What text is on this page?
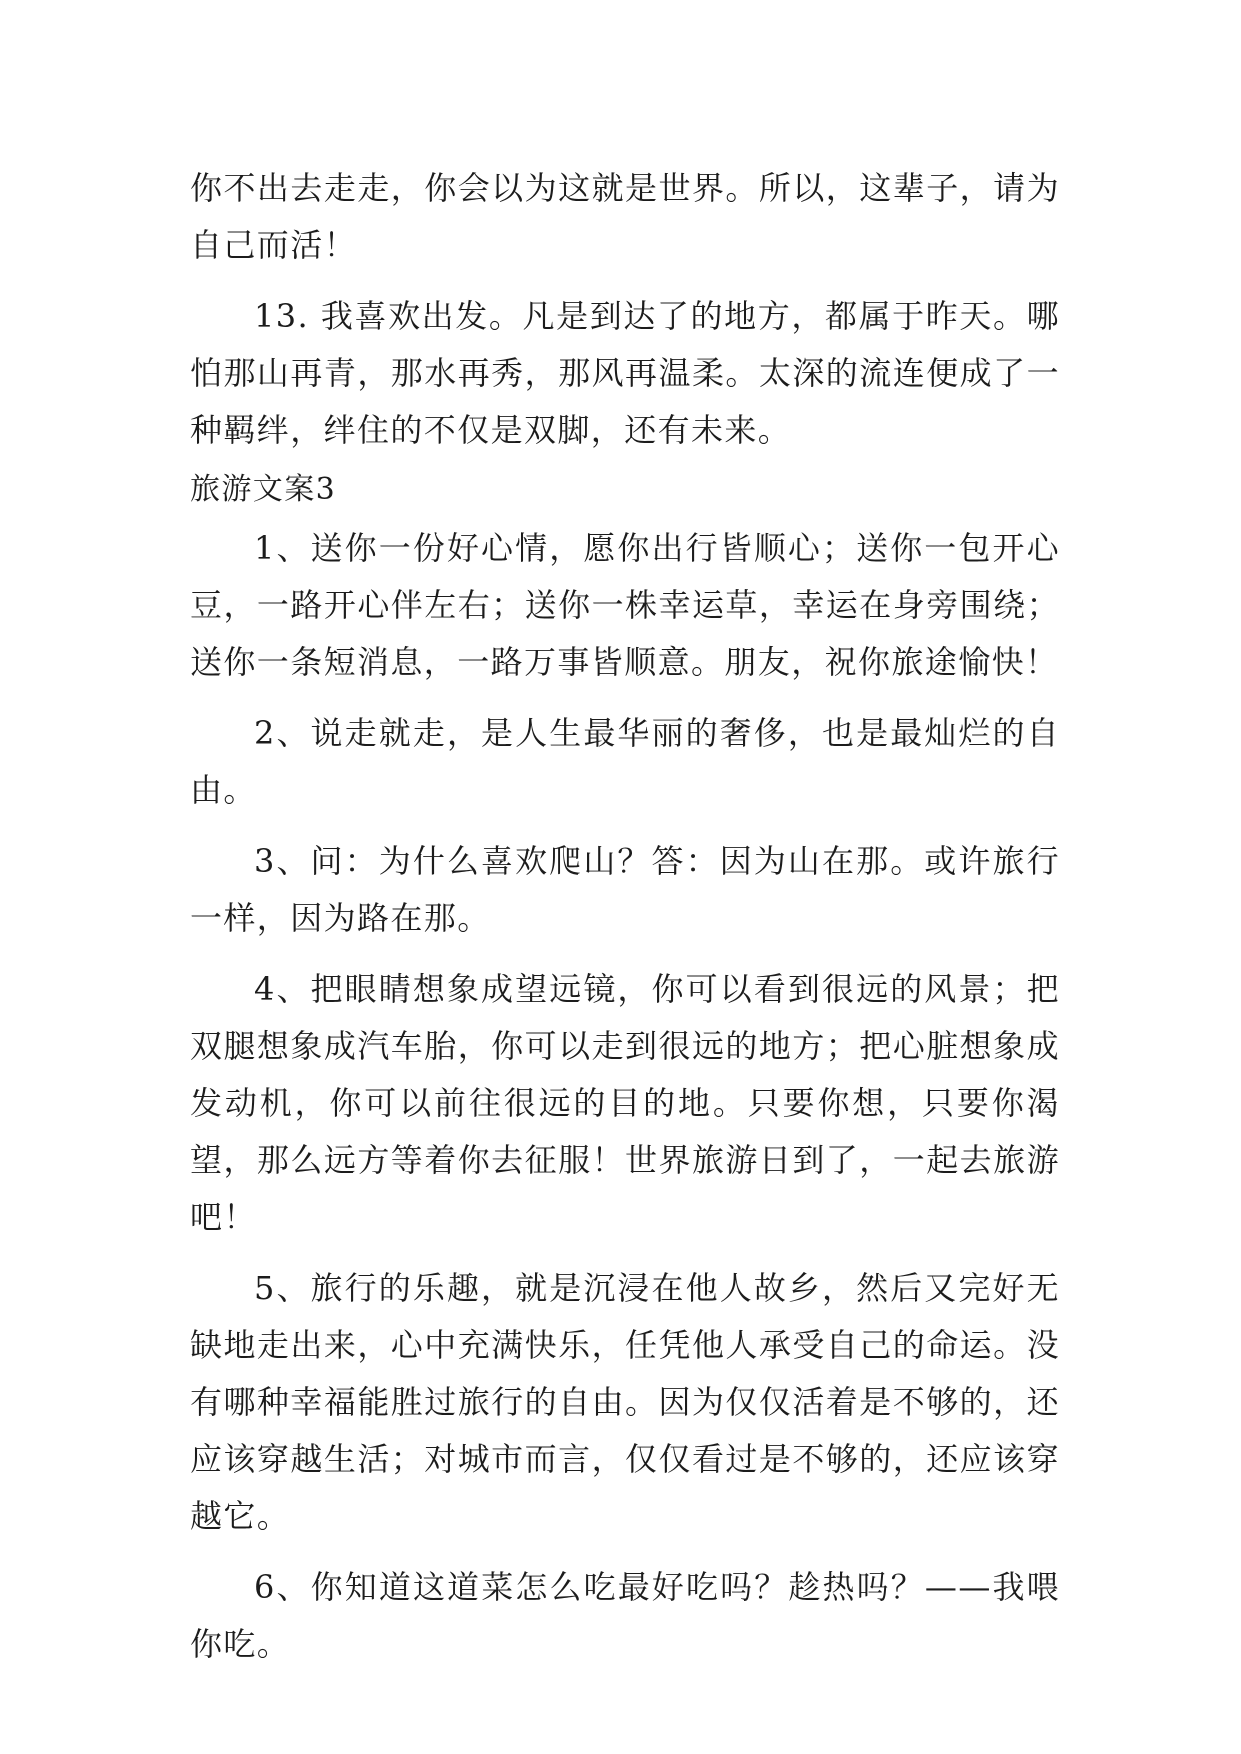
你不出去走走，你会以为这就是世界。所以，这辈子，请为自己而活！

13. 我喜欢出发。凡是到达了的地方，都属于昨天。哪怕那山再青，那水再秀，那风再温柔。太深的流连便成了一种羁绊，绊住的不仅是双脚，还有未来。

旅游文案3

1、送你一份好心情，愿你出行皆顺心；送你一包开心豆，一路开心伴左右；送你一株幸运草，幸运在身旁围绕；送你一条短消息，一路万事皆顺意。朋友，祝你旅途愉快！

2、说走就走，是人生最华丽的奢侈，也是最灿烂的自由。

3、问：为什么喜欢爬山？答：因为山在那。或许旅行一样，因为路在那。

4、把眼睛想象成望远镜，你可以看到很远的风景；把双腿想象成汽车胎，你可以走到很远的地方；把心脏想象成发动机，你可以前往很远的目的地。只要你想，只要你渴望，那么远方等着你去征服！世界旅游日到了，一起去旅游吧！

5、旅行的乐趣，就是沉浸在他人故乡，然后又完好无缺地走出来，心中充满快乐，任凭他人承受自己的命运。没有哪种幸福能胜过旅行的自由。因为仅仅活着是不够的，还应该穿越生活；对城市而言，仅仅看过是不够的，还应该穿越它。

6、你知道这道菜怎么吃最好吃吗？趁热吗？——我喂你吃。
